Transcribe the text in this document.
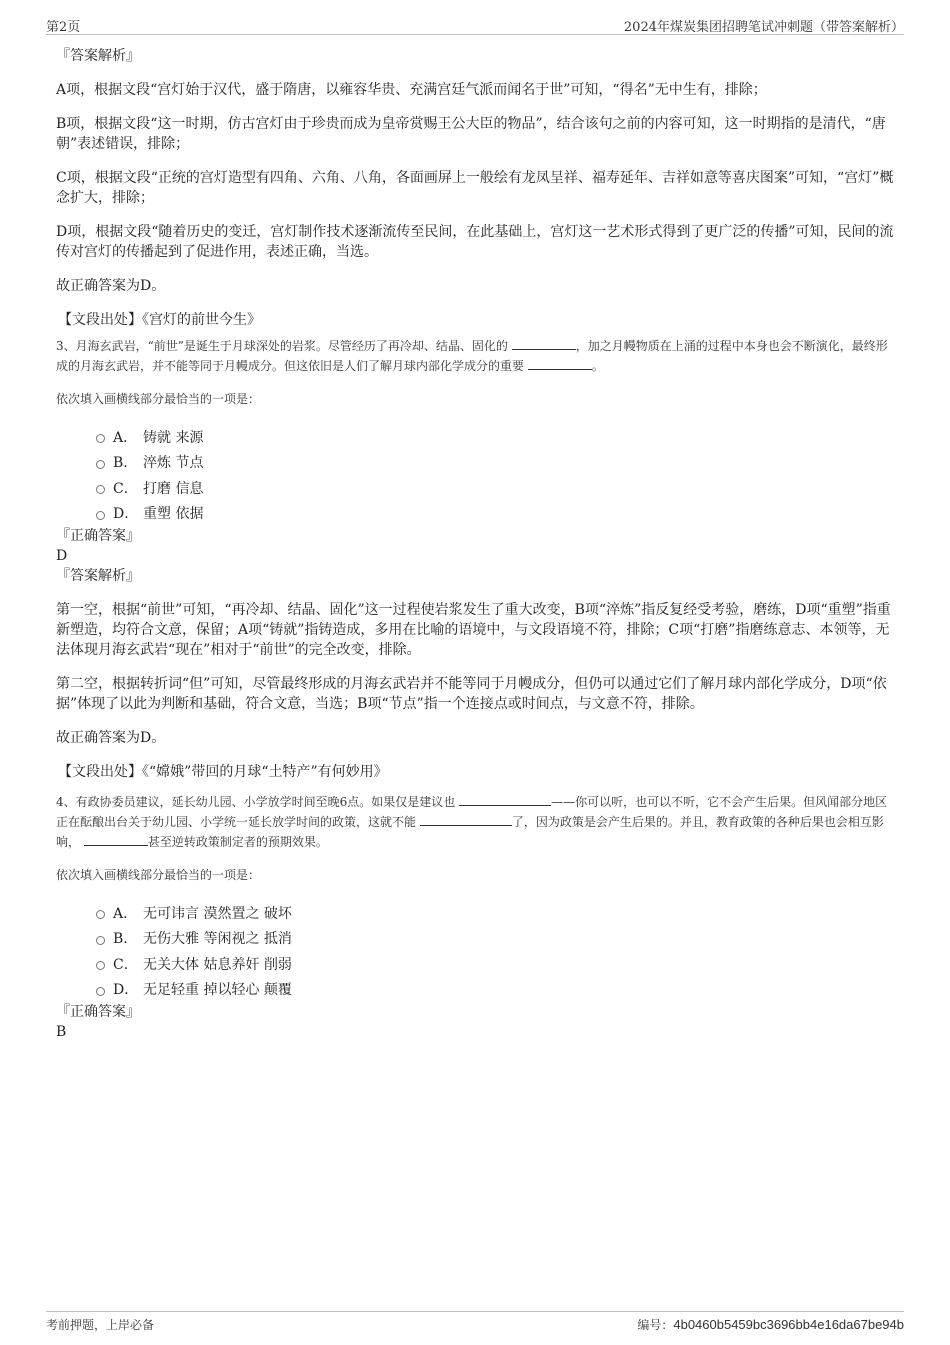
第2页	2024年煤炭集团招聘笔试冲刺题（带答案解析）
『答案解析』

A项，根据文段“宫灯始于汉代，盛于隋唐，以雍容华贵、充满宫廷气派而闻名于世”可知，“得名”无中生有，排除；

B项，根据文段“这一时期，仿古宫灯由于珍贵而成为皇帝赏赐王公大臣的物品”，结合该句之前的内容可知，这一时期指的是清代，“唐朝”表述错误，排除；

C项，根据文段“正统的宫灯造型有四角、六角、八角，各面画屏上一般绘有龙凤呈祥、福寿延年、吉祥如意等喜庆图案”可知，“宫灯”概念扩大，排除；

D项，根据文段“随着历史的变迁，宫灯制作技术逐渐流传至民间，在此基础上，宫灯这一艺术形式得到了更广泛的传播”可知，民间的流传对宫灯的传播起到了促进作用，表述正确，当选。

故正确答案为D。

【文段出处】《宫灯的前世今生》

3、月海玄武岩，“前世”是诞生于月球深处的岩浆。尽管经历了再冷却、结晶、固化的	，加之月幔物质在上涌的过程中本身也会不断演化，最终形成的月海玄武岩，并不能等同于月幔成分。但这依旧是人们了解月球内部化学成分的重要	。

依次填入画横线部分最恰当的一项是：

A． 铸就 来源
B． 淬炼 节点
C． 打磨 信息
D． 重塑 依据
『正确答案』
D
『答案解析』

第一空，根据“前世”可知，“再冷却、结晶、固化”这一过程使岩浆发生了重大改变，B项“淬炼”指反复经受考验，磨练，D项“重塑”指重新塑造，均符合文意，保留；A项“铸就”指铸造成，多用在比喻的语境中，与文段语境不符，排除；C项“打磨”指磨练意志、本领等，无法体现月海玄武岩“现在”相对于“前世”的完全改变，排除。

第二空，根据转折词“但”可知，尽管最终形成的月海玄武岩并不能等同于月幔成分，但仍可以通过它们了解月球内部化学成分，D项“依据”体现了以此为判断和基础，符合文意，当选；B项“节点”指一个连接点或时间点，与文意不符，排除。

故正确答案为D。

【文段出处】《“嫦娥”带回的月球“土特产”有何妙用》

4、有政协委员建议，延长幼儿园、小学放学时间至晚6点。如果仅是建议也	——你可以听，也可以不听，它不会产生后果。但风闻部分地区正在酝酿出台关于幼儿园、小学统一延长放学时间的政策，这就不能	了，因为政策是会产生后果的。并且，教育政策的各种后果也会相互影响，	甚至逆转政策制定者的预期效果。

依次填入画横线部分最恰当的一项是：

A． 无可讳言 漠然置之 破坏
B． 无伤大雅 等闲视之 抵消
C． 无关大体 姑息养奸 削弱
D． 无足轻重 掉以轻心 颠覆
『正确答案』
B
考前押题，上岸必备	编号：4b0460b5459bc3696bb4e16da67be94b
